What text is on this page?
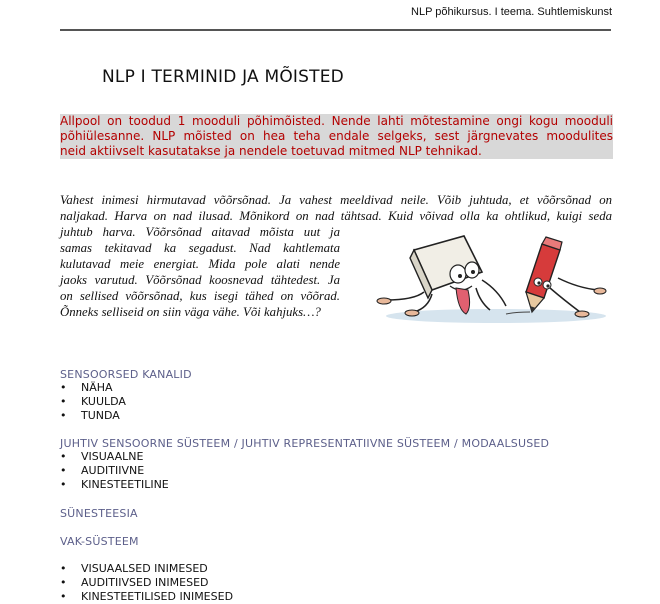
NLP põhikursus. I teema. Suhtlemiskunst
NLP I TERMINID JA MÕISTED
Allpool on toodud 1 mooduli põhimõisted. Nende lahti mõtestamine ongi kogu mooduli
põhiülesanne. NLP mõisted on hea teha endale selgeks, sest järgnevates moodulites
neid aktiivselt kasutatakse ja nendele toetuvad mitmed NLP tehnikad.
Vahest inimesi hirmutavad võõrsõnad. Ja vahest meeldivad neile. Võib juhtuda, et võõrsõnad on
naljakad. Harva on nad ilusad. Mõnikord on nad tähtsad. Kuid võivad olla ka ohtlikud, kuigi seda
juhtub harva. Võõrsõnad aitavad mõista uut ja
samas tekitavad ka segadust. Nad kahtlemata
kulutavad meie energiat. Mida pole alati nende
jaoks varutud. Võõrsõnad koosnevad tähtedest. Ja
on sellised võõrsõnad, kus isegi tähed on võõrad.
Õnneks selliseid on siin väga vähe. Või kahjuks…?
SENSOORSED KANALID
• NÄHA
• KUULDA
• TUNDA
JUHTIV SENSOORNE SÜSTEEM / JUHTIV REPRESENTATIIVNE SÜSTEEM / MODAALSUSED
• VISUAALNE
• AUDITIIVNE
• KINESTEETILINE
SÜNESTEESIA
VAK-SÜSTEEM
• VISUAALSED INIMESED
• AUDITIIVSED INIMESED
• KINESTEETILISED INIMESED
